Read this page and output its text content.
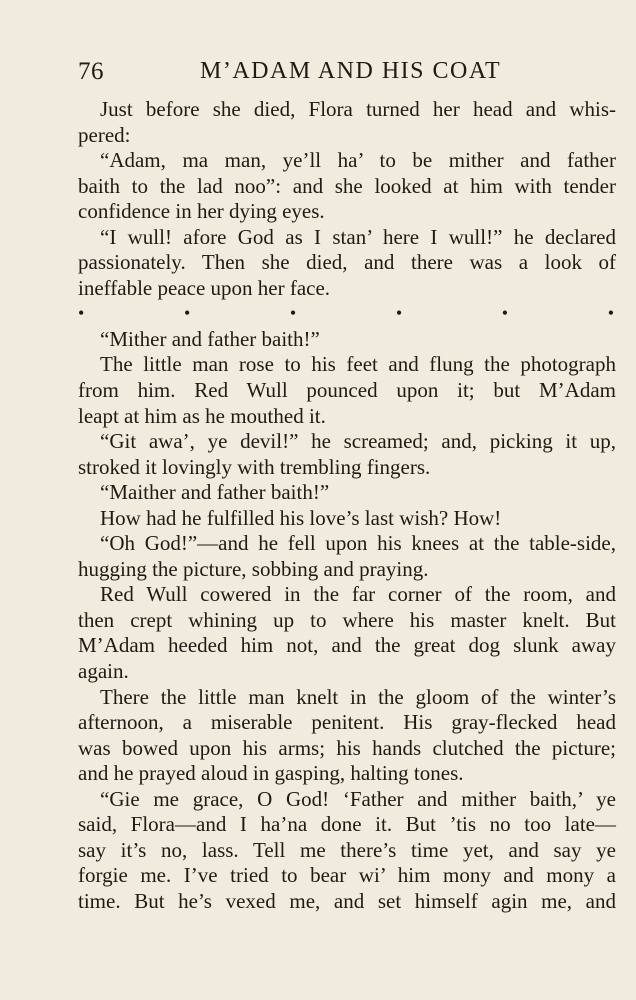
76	M’ADAM AND HIS COAT
Just before she died, Flora turned her head and whis-
pered:
“Adam, ma man, ye’ll ha’ to be mither and father
baith to the lad noo”: and she looked at him with tender
confidence in her dying eyes.
“I wull! afore God as I stan’ here I wull!” he declared
passionately. Then she died, and there was a look of
ineffable peace upon her face.
•	•	•	•	•	•
“Mither and father baith!”
The little man rose to his feet and flung the photograph
from him. Red Wull pounced upon it; but M’Adam
leapt at him as he mouthed it.
“Git awa’, ye devil!” he screamed; and, picking it up,
stroked it lovingly with trembling fingers.
“Maither and father baith!”
How had he fulfilled his love’s last wish? How!
“Oh God!”—and he fell upon his knees at the table-side,
hugging the picture, sobbing and praying.
Red Wull cowered in the far corner of the room, and
then crept whining up to where his master knelt. But
M’Adam heeded him not, and the great dog slunk away
again.
There the little man knelt in the gloom of the winter’s
afternoon, a miserable penitent. His gray-flecked head
was bowed upon his arms; his hands clutched the picture;
and he prayed aloud in gasping, halting tones.
“Gie me grace, O God! ‘Father and mither baith,’ ye
said, Flora—and I ha’na done it. But ’tis no too late—
say it’s no, lass. Tell me there’s time yet, and say ye
forgie me. I’ve tried to bear wi’ him mony and mony a
time. But he’s vexed me, and set himself agin me, and
